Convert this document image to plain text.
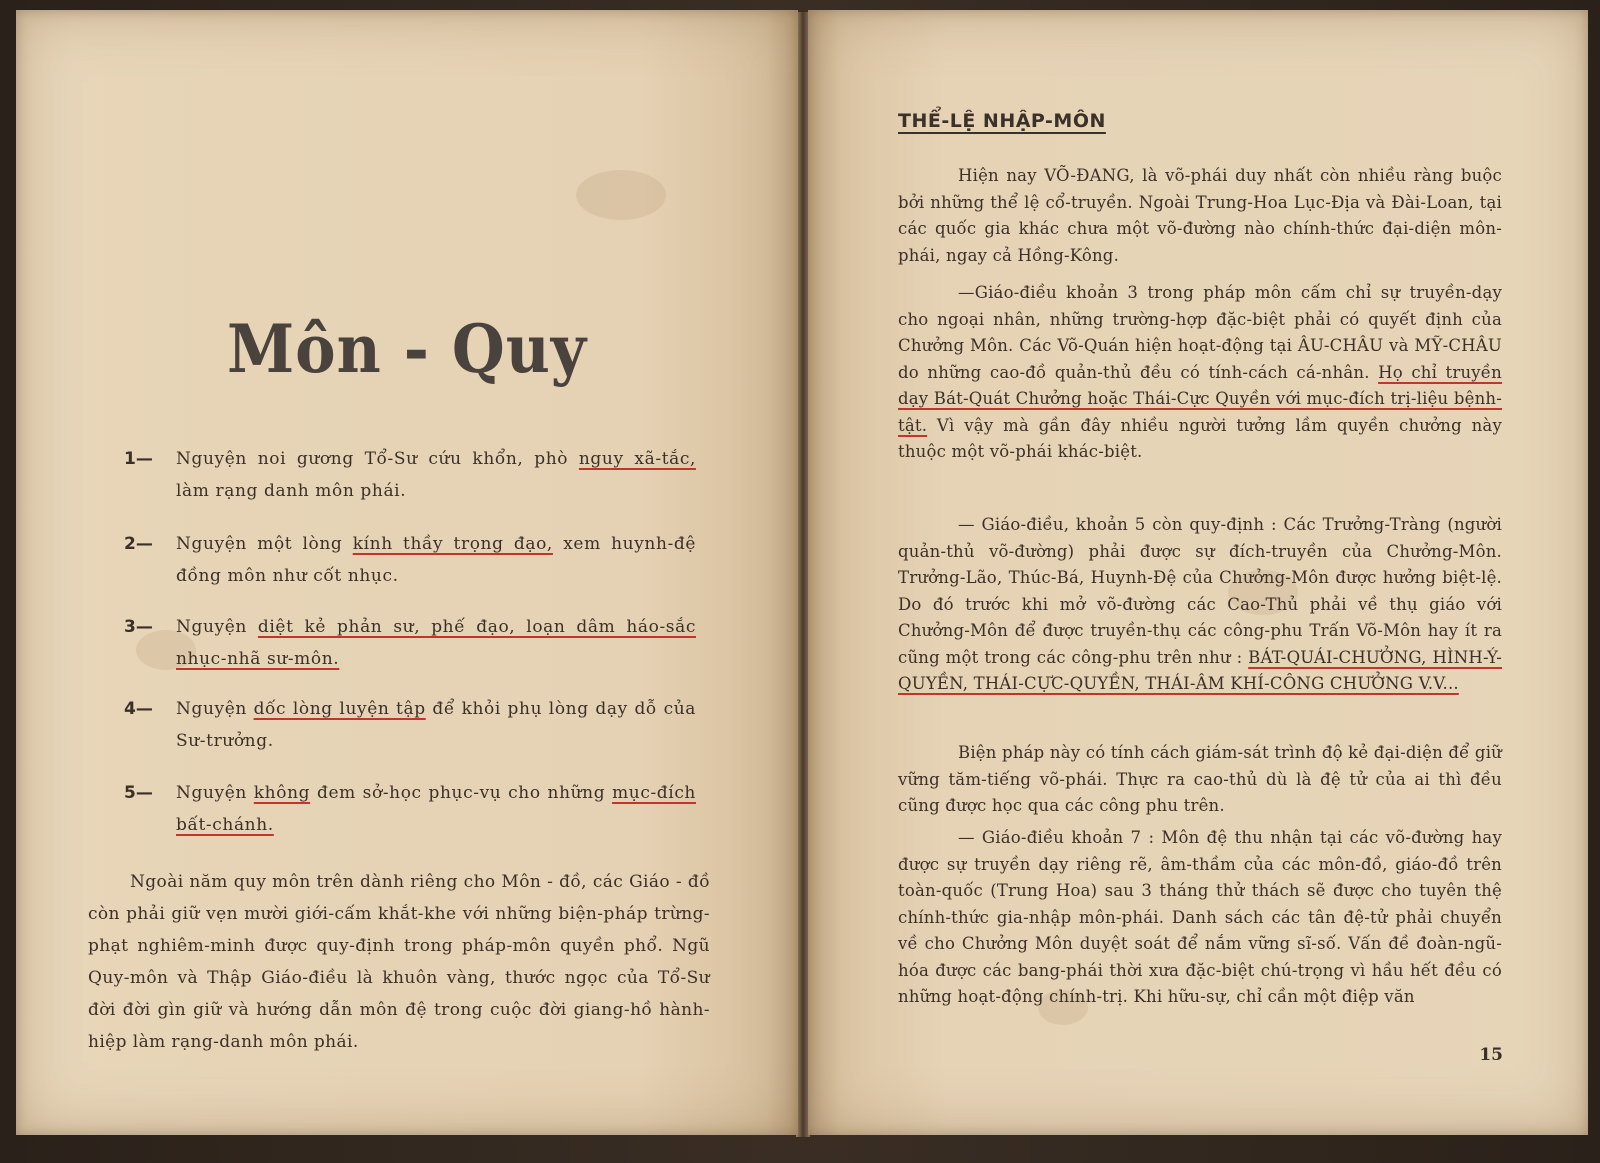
Môn - Quy
1— Nguyện noi gương Tổ-Sư cứu khổn, phò nguy xã-tắc, làm rạng danh môn phái.
2— Nguyện một lòng kính thầy trọng đạo, xem huynh-đệ đồng môn như cốt nhục.
3— Nguyện diệt kẻ phản sư, phế đạo, loạn dâm háo-sắc nhục-nhã sư-môn.
4— Nguyện dốc lòng luyện tập để khỏi phụ lòng dạy dỗ của Sư-trưởng.
5— Nguyện không đem sở-học phục-vụ cho những mục-đích bất-chánh.
Ngoài năm quy môn trên dành riêng cho Môn - đồ, các Giáo - đồ còn phải giữ vẹn mười giới-cấm khắt-khe với những biện-pháp trừng-phạt nghiêm-minh được quy-định trong pháp-môn quyền phổ. Ngũ Quy-môn và Thập Giáo-điều là khuôn vàng, thước ngọc của Tổ-Sư đời đời gìn giữ và hướng dẫn môn đệ trong cuộc đời giang-hồ hành-hiệp làm rạng-danh môn phái.
THỂ-LỆ NHẬP-MÔN
Hiện nay VÕ-ĐANG, là võ-phái duy nhất còn nhiều ràng buộc bởi những thể lệ cổ-truyền. Ngoài Trung-Hoa Lục-Địa và Đài-Loan, tại các quốc gia khác chưa một võ-đường nào chính-thức đại-diện môn-phái, ngay cả Hồng-Kông.
—Giáo-điều khoản 3 trong pháp môn cấm chỉ sự truyền-dạy cho ngoại nhân, những trường-hợp đặc-biệt phải có quyết định của Chưởng Môn. Các Võ-Quán hiện hoạt-động tại ÂU-CHÂU và MỸ-CHÂU do những cao-đồ quản-thủ đều có tính-cách cá-nhân. Họ chỉ truyền dạy Bát-Quát Chưởng hoặc Thái-Cực Quyền với mục-đích trị-liệu bệnh-tật. Vì vậy mà gần đây nhiều người tưởng lầm quyền chưởng này thuộc một võ-phái khác-biệt.
— Giáo-điều, khoản 5 còn quy-định : Các Trưởng-Tràng (người quản-thủ võ-đường) phải được sự đích-truyền của Chưởng-Môn. Trưởng-Lão, Thúc-Bá, Huynh-Đệ của Chưởng-Môn được hưởng biệt-lệ. Do đó trước khi mở võ-đường các Cao-Thủ phải về thụ giáo với Chưởng-Môn để được truyền-thụ các công-phu Trấn Võ-Môn hay ít ra cũng một trong các công-phu trên như : BÁT-QUÁI-CHƯỞNG, HÌNH-Ý-QUYỀN, THÁI-CỰC-QUYỀN, THÁI-ÂM KHÍ-CÔNG CHƯỞNG V.V...
Biện pháp này có tính cách giám-sát trình độ kẻ đại-diện để giữ vững tăm-tiếng võ-phái. Thực ra cao-thủ dù là đệ tử của ai thì đều cũng được học qua các công phu trên.
— Giáo-điều khoản 7 : Môn đệ thu nhận tại các võ-đường hay được sự truyền dạy riêng rẽ, âm-thầm của các môn-đồ, giáo-đồ trên toàn-quốc (Trung Hoa) sau 3 tháng thử thách sẽ được cho tuyên thệ chính-thức gia-nhập môn-phái. Danh sách các tân đệ-tử phải chuyển về cho Chưởng Môn duyệt soát để nắm vững sĩ-số. Vấn đề đoàn-ngũ-hóa được các bang-phái thời xưa đặc-biệt chú-trọng vì hầu hết đều có những hoạt-động chính-trị. Khi hữu-sự, chỉ cần một điệp văn
15
